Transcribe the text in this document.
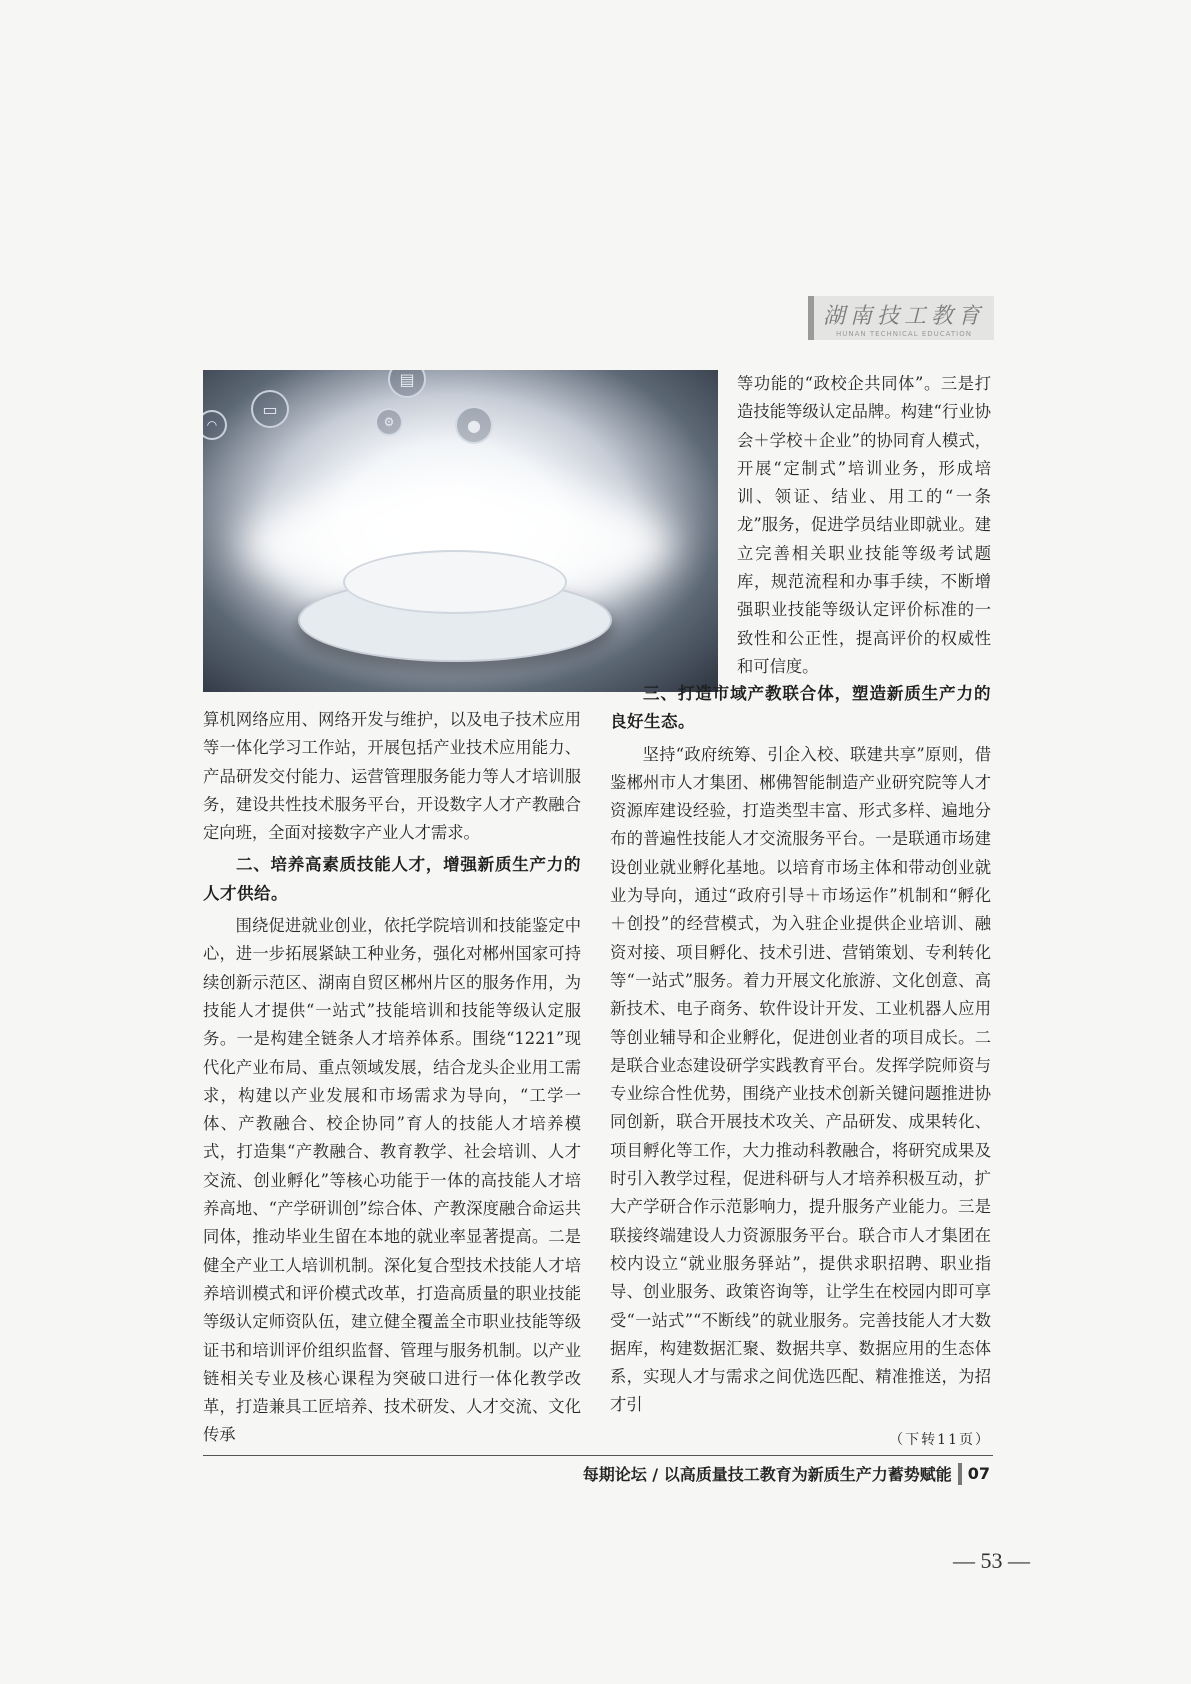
湖南技工教育
HUNAN TECHNICAL EDUCATION
▭
▤
●
⚙
◠

等功能的“政校企共同体”。三是打造技能等级认定品牌。构建“行业协会＋学校＋企业”的协同育人模式，开展“定制式”培训业务，形成培训、领证、结业、用工的“一条龙”服务，促进学员结业即就业。建立完善相关职业技能等级考试题库，规范流程和办事手续，不断增强职业技能等级认定评价标准的一致性和公正性，提高评价的权威性和可信度。

算机网络应用、网络开发与维护，以及电子技术应用等一体化学习工作站，开展包括产业技术应用能力、产品研发交付能力、运营管理服务能力等人才培训服务，建设共性技术服务平台，开设数字人才产教融合定向班，全面对接数字产业人才需求。

二、培养高素质技能人才，增强新质生产力的人才供给。

围绕促进就业创业，依托学院培训和技能鉴定中心，进一步拓展紧缺工种业务，强化对郴州国家可持续创新示范区、湖南自贸区郴州片区的服务作用，为技能人才提供“一站式”技能培训和技能等级认定服务。一是构建全链条人才培养体系。围绕“1221”现代化产业布局、重点领域发展，结合龙头企业用工需求，构建以产业发展和市场需求为导向，“工学一体、产教融合、校企协同”育人的技能人才培养模式，打造集“产教融合、教育教学、社会培训、人才交流、创业孵化”等核心功能于一体的高技能人才培养高地、“产学研训创”综合体、产教深度融合命运共同体，推动毕业生留在本地的就业率显著提高。二是健全产业工人培训机制。深化复合型技术技能人才培养培训模式和评价模式改革，打造高质量的职业技能等级认定师资队伍，建立健全覆盖全市职业技能等级证书和培训评价组织监督、管理与服务机制。以产业链相关专业及核心课程为突破口进行一体化教学改革，打造兼具工匠培养、技术研发、人才交流、文化传承

三、打造市域产教联合体，塑造新质生产力的良好生态。

坚持“政府统筹、引企入校、联建共享”原则，借鉴郴州市人才集团、郴佛智能制造产业研究院等人才资源库建设经验，打造类型丰富、形式多样、遍地分布的普遍性技能人才交流服务平台。一是联通市场建设创业就业孵化基地。以培育市场主体和带动创业就业为导向，通过“政府引导＋市场运作”机制和“孵化＋创投”的经营模式，为入驻企业提供企业培训、融资对接、项目孵化、技术引进、营销策划、专利转化等“一站式”服务。着力开展文化旅游、文化创意、高新技术、电子商务、软件设计开发、工业机器人应用等创业辅导和企业孵化，促进创业者的项目成长。二是联合业态建设研学实践教育平台。发挥学院师资与专业综合性优势，围绕产业技术创新关键问题推进协同创新，联合开展技术攻关、产品研发、成果转化、项目孵化等工作，大力推动科教融合，将研究成果及时引入教学过程，促进科研与人才培养积极互动，扩大产学研合作示范影响力，提升服务产业能力。三是联接终端建设人力资源服务平台。联合市人才集团在校内设立“就业服务驿站”，提供求职招聘、职业指导、创业服务、政策咨询等，让学生在校园内即可享受“一站式”“不断线”的就业服务。完善技能人才大数据库，构建数据汇聚、数据共享、数据应用的生态体系，实现人才与需求之间优选匹配、精准推送，为招才引

（下转11页）
每期论坛 / 以高质量技工教育为新质生产力蓄势赋能 07
— 53 —
